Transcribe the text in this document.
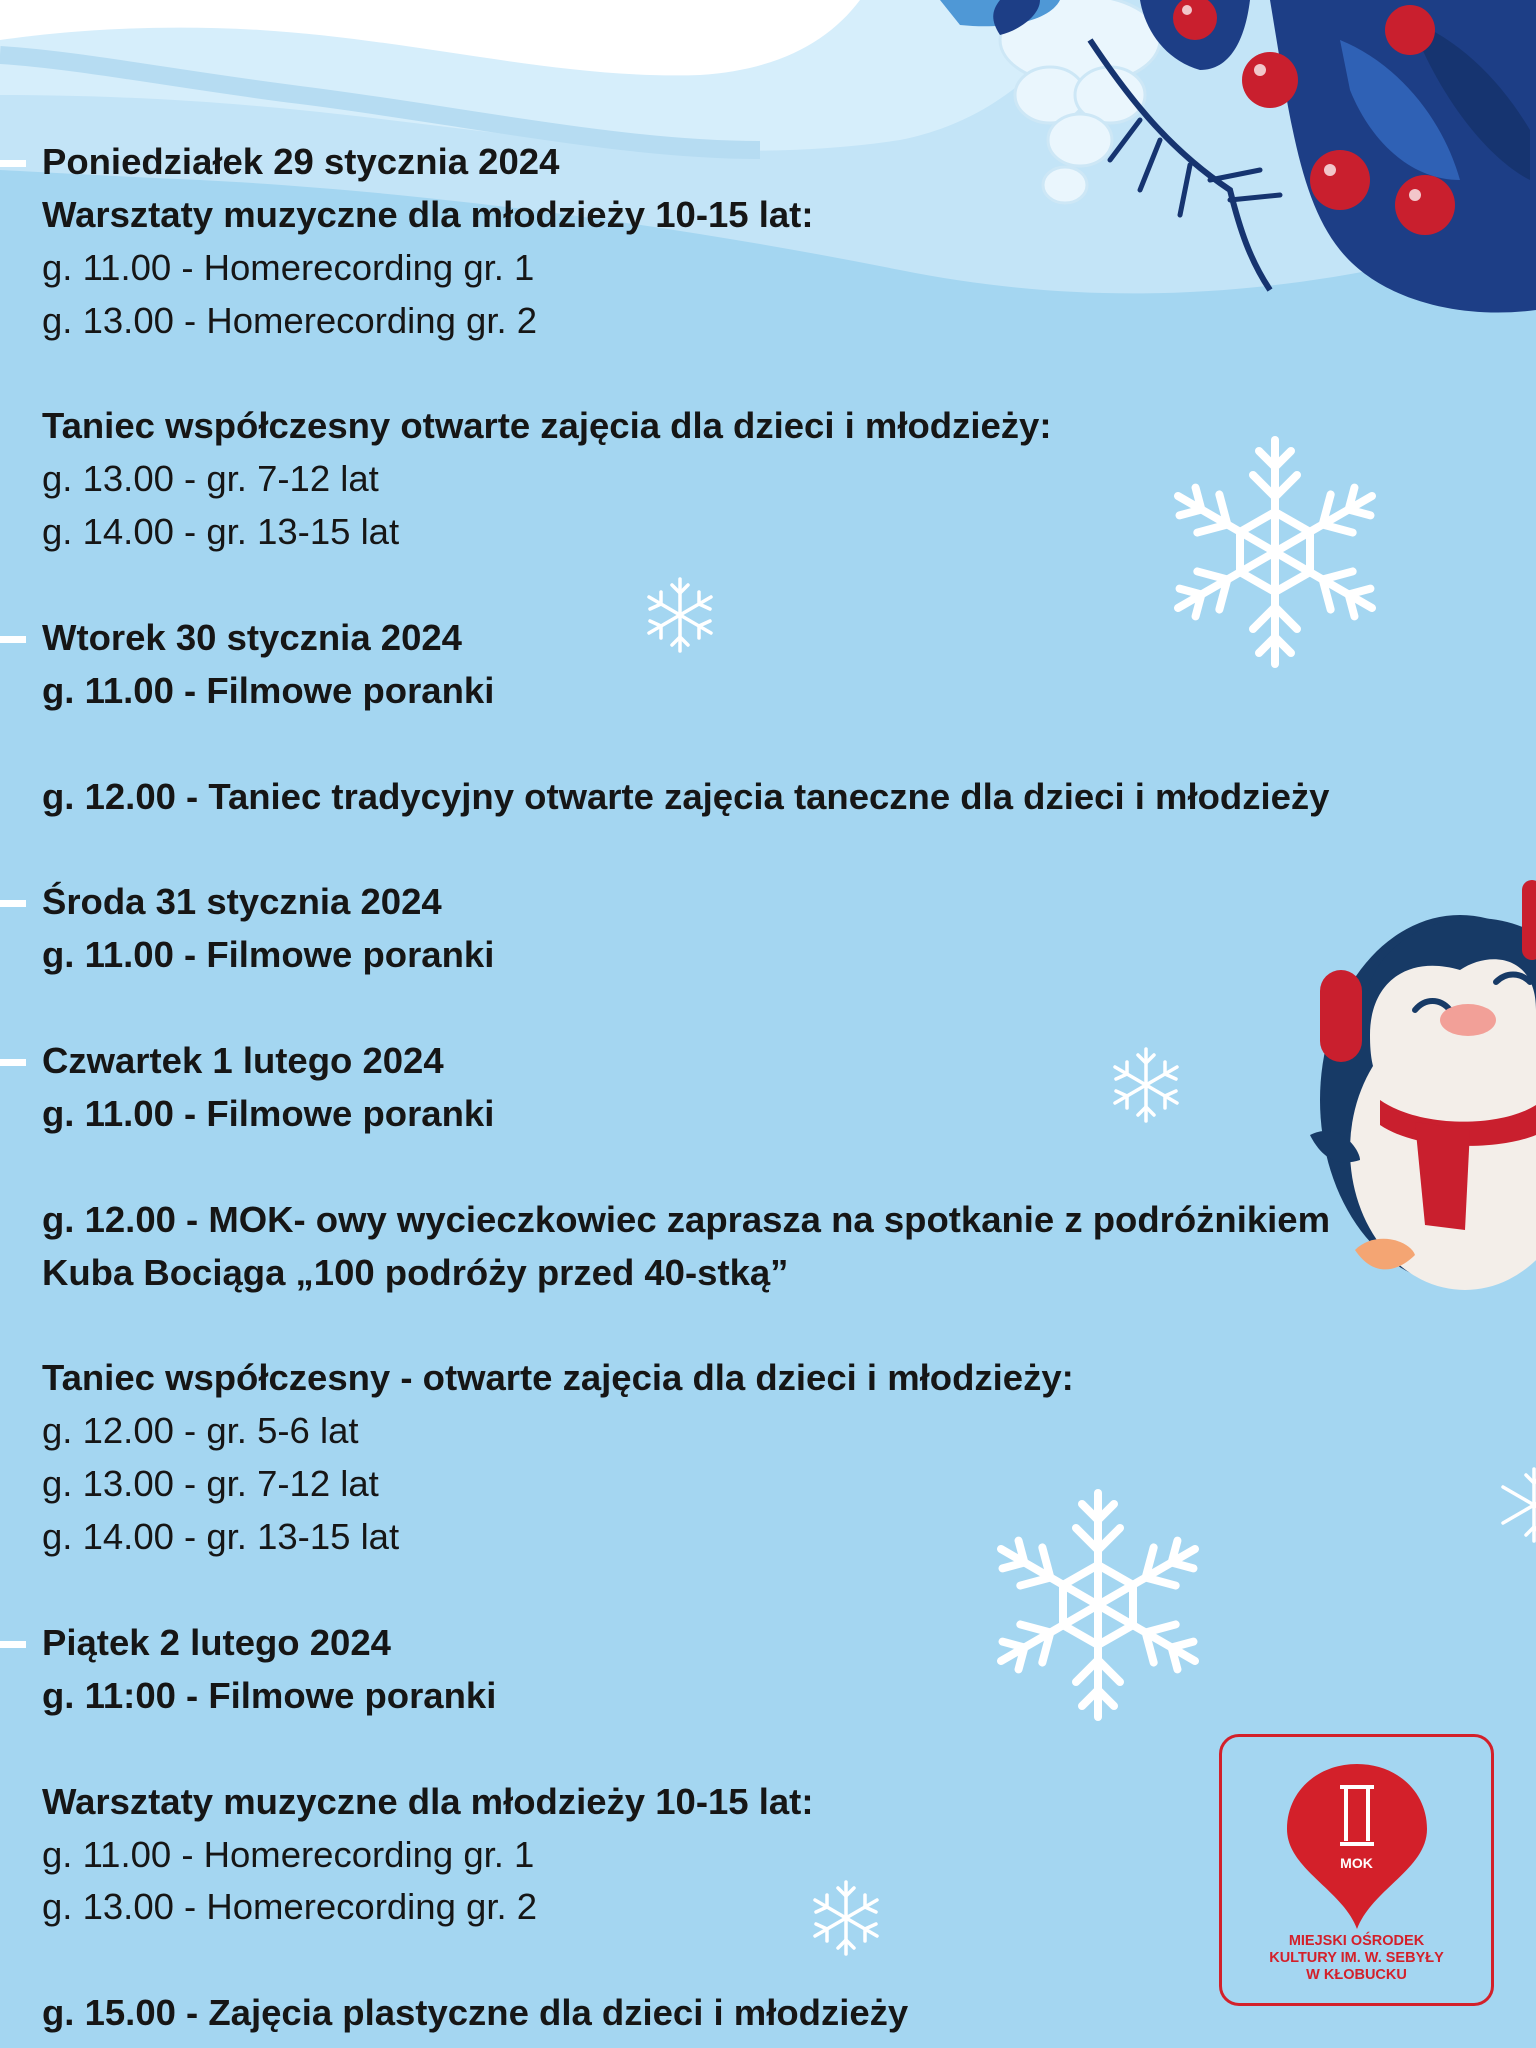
Poniedziałek 29 stycznia 2024
Warsztaty muzyczne dla młodzieży 10-15 lat:
g. 11.00 - Homerecording gr. 1
g. 13.00 - Homerecording gr. 2
Taniec współczesny otwarte zajęcia dla dzieci i młodzieży:
g. 13.00 - gr. 7-12 lat
g. 14.00 - gr. 13-15 lat
Wtorek 30 stycznia 2024
g. 11.00 - Filmowe poranki
g. 12.00 - Taniec tradycyjny otwarte zajęcia taneczne dla dzieci i młodzieży
Środa 31 stycznia 2024
g. 11.00 - Filmowe poranki
Czwartek 1 lutego 2024
g. 11.00 - Filmowe poranki
g. 12.00 - MOK- owy wycieczkowiec zaprasza na spotkanie z podróżnikiem
Kuba Bociąga „100 podróży przed 40-stką”
Taniec współczesny - otwarte zajęcia dla dzieci i młodzieży:
g. 12.00 - gr. 5-6 lat
g. 13.00 - gr. 7-12 lat
g. 14.00 - gr. 13-15 lat
Piątek 2 lutego 2024
g. 11:00 - Filmowe poranki
Warsztaty muzyczne dla młodzieży 10-15 lat:
g. 11.00 - Homerecording gr. 1
g. 13.00 - Homerecording gr. 2
g. 15.00 - Zajęcia plastyczne dla dzieci i młodzieży
MOK
MIEJSKI OŚRODEK
KULTURY IM. W. SEBYŁY
W KŁOBUCKU
